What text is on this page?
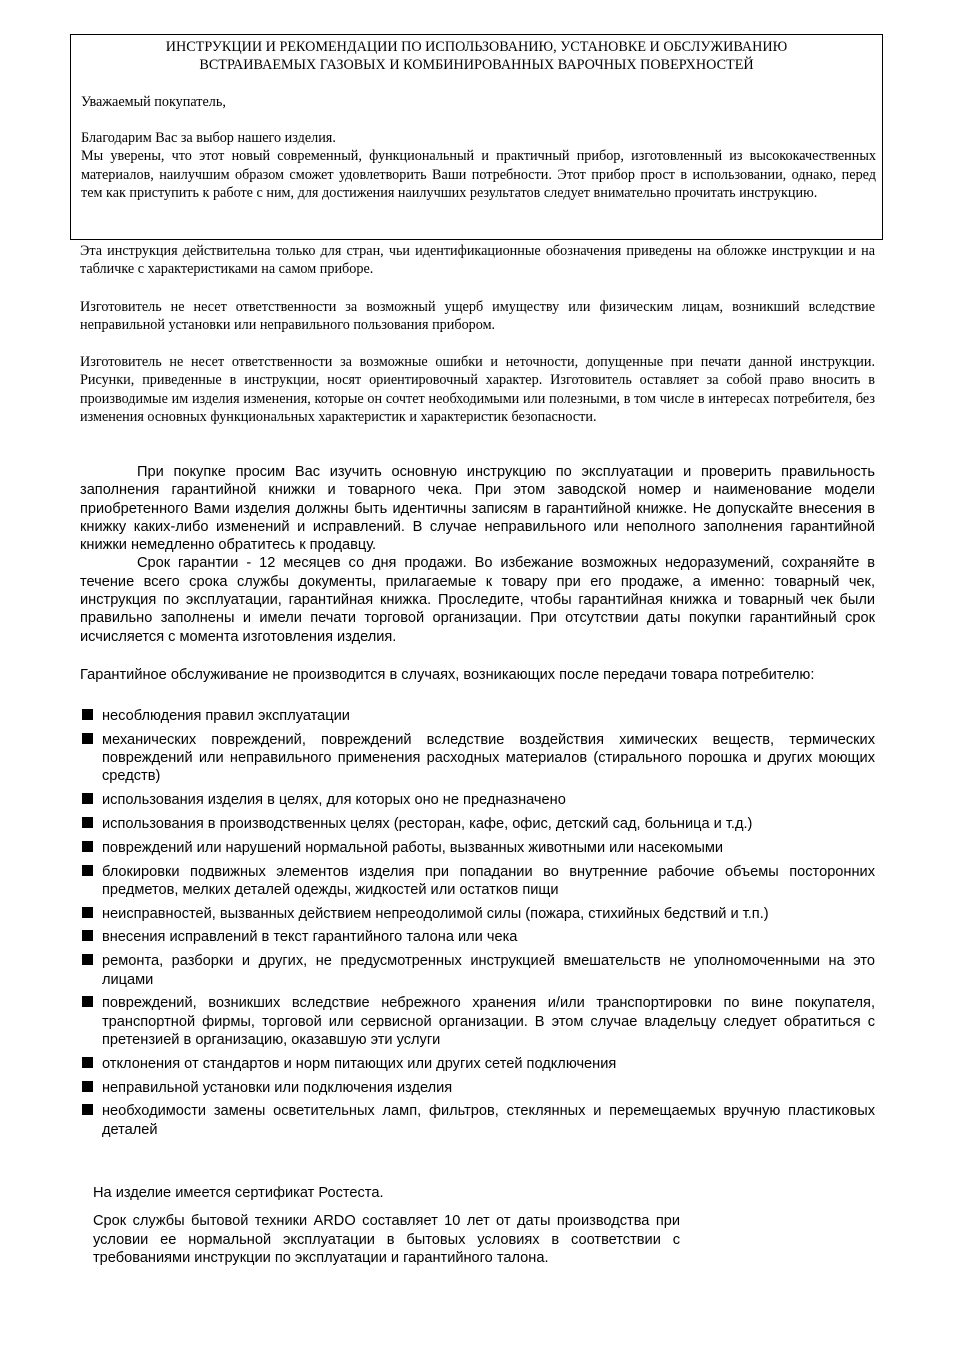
ИНСТРУКЦИИ И РЕКОМЕНДАЦИИ ПО ИСПОЛЬЗОВАНИЮ, УСТАНОВКЕ И ОБСЛУЖИВАНИЮ
ВСТРАИВАЕМЫХ ГАЗОВЫХ И КОМБИНИРОВАННЫХ ВАРОЧНЫХ ПОВЕРХНОСТЕЙ
Уважаемый покупатель,

Благодарим Вас за выбор нашего изделия.

Мы уверены, что этот новый современный, функциональный и практичный прибор, изготовленный из высококачественных материалов, наилучшим образом сможет удовлетворить Ваши потребности. Этот прибор прост в использовании, однако, перед тем как приступить к работе с ним, для достижения наилучших результатов следует внимательно прочитать инструкцию.

Эта инструкция действительна только для стран, чьи идентификационные обозначения приведены на обложке инструкции и на табличке с характеристиками на самом приборе.

Изготовитель не несет ответственности за возможный ущерб имуществу или физическим лицам, возникший вследствие неправильной установки или неправильного пользования прибором.

Изготовитель не несет ответственности за возможные ошибки и неточности, допущенные при печати данной инструкции. Рисунки, приведенные в инструкции, носят ориентировочный характер. Изготовитель оставляет за собой право вносить в производимые им изделия изменения, которые он сочтет необходимыми или полезными, в том числе в интересах потребителя, без изменения основных функциональных характеристик и характеристик безопасности.

При покупке просим Вас изучить основную инструкцию по эксплуатации и проверить правильность заполнения гарантийной книжки и товарного чека. При этом заводской номер и наименование модели приобретенного Вами изделия должны быть идентичны записям в гарантийной книжке. Не допускайте внесения в книжку каких-либо изменений и исправлений. В случае неправильного или неполного заполнения гарантийной книжки немедленно обратитесь к продавцу.

Срок гарантии - 12 месяцев со дня продажи. Во избежание возможных недоразумений, сохраняйте в течение всего срока службы документы, прилагаемые к товару при его продаже, а именно: товарный чек, инструкция по эксплуатации, гарантийная книжка. Проследите, чтобы гарантийная книжка и товарный чек были правильно заполнены и имели печати торговой организации. При отсутствии даты покупки гарантийный срок исчисляется с момента изготовления изделия.

Гарантийное обслуживание не производится в случаях, возникающих после передачи товара потребителю:

несоблюдения правил эксплуатации
механических повреждений, повреждений вследствие воздействия химических веществ, термических повреждений или неправильного применения расходных материалов (стирального порошка и других моющих средств)
использования изделия в целях, для которых оно не предназначено
использования в производственных целях (ресторан, кафе, офис, детский сад, больница и т.д.)
повреждений или нарушений нормальной работы, вызванных животными или насекомыми
блокировки подвижных элементов изделия при попадании во внутренние рабочие объемы посторонних предметов, мелких деталей одежды, жидкостей или остатков пищи
неисправностей, вызванных действием непреодолимой силы (пожара, стихийных бедствий и т.п.)
внесения исправлений в текст гарантийного талона или чека
ремонта, разборки и других, не предусмотренных инструкцией вмешательств не уполномоченными на это лицами
повреждений, возникших вследствие небрежного хранения и/или транспортировки по вине покупателя, транспортной фирмы, торговой или сервисной организации. В этом случае владельцу следует обратиться с претензией в организацию, оказавшую эти услуги
отклонения от стандартов и норм питающих или других сетей подключения
неправильной установки или подключения изделия
необходимости замены осветительных ламп, фильтров, стеклянных и перемещаемых вручную пластиковых деталей

На изделие имеется сертификат Ростеста.

Срок службы бытовой техники ARDO составляет 10 лет от даты производства при условии ее нормальной эксплуатации в бытовых условиях в соответствии с требованиями инструкции по эксплуатации и гарантийного талона.
